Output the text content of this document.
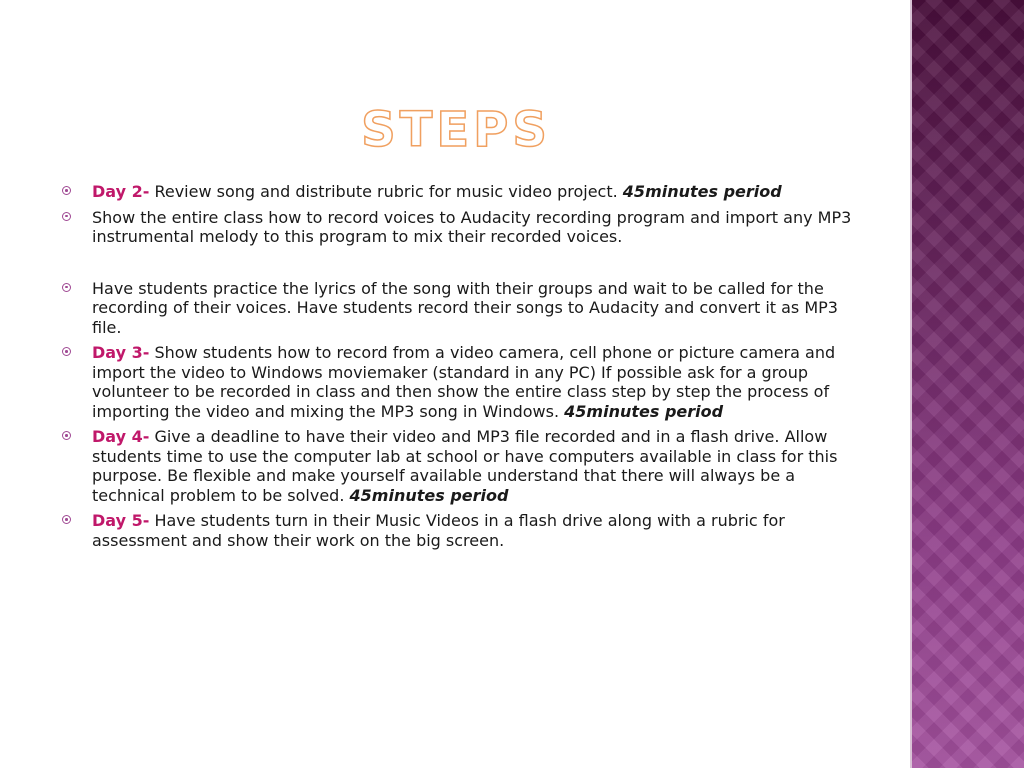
STEPS
Day 2- Review song and distribute rubric for music video project. 45minutes period
Show the entire class how to record voices to Audacity recording program and import any MP3 instrumental melody to this program to mix their recorded voices.
Have students practice the lyrics of the song with their groups and wait to be called for the recording of their voices. Have students record their songs to Audacity and convert it as MP3 file.
Day 3- Show students how to record from a video camera, cell phone or picture camera and import the video to Windows moviemaker (standard in any PC) If possible ask for a group volunteer to be recorded in class and then show the entire class step by step the process of importing the video and mixing the MP3 song in Windows. 45minutes period
Day 4- Give a deadline to have their video and MP3 file recorded and in a flash drive. Allow students time to use the computer lab at school or have computers available in class for this purpose. Be flexible and make yourself available understand that there will always be a technical problem to be solved. 45minutes period
Day 5- Have students turn in their Music Videos in a flash drive along with a rubric for assessment and show their work on the big screen.
